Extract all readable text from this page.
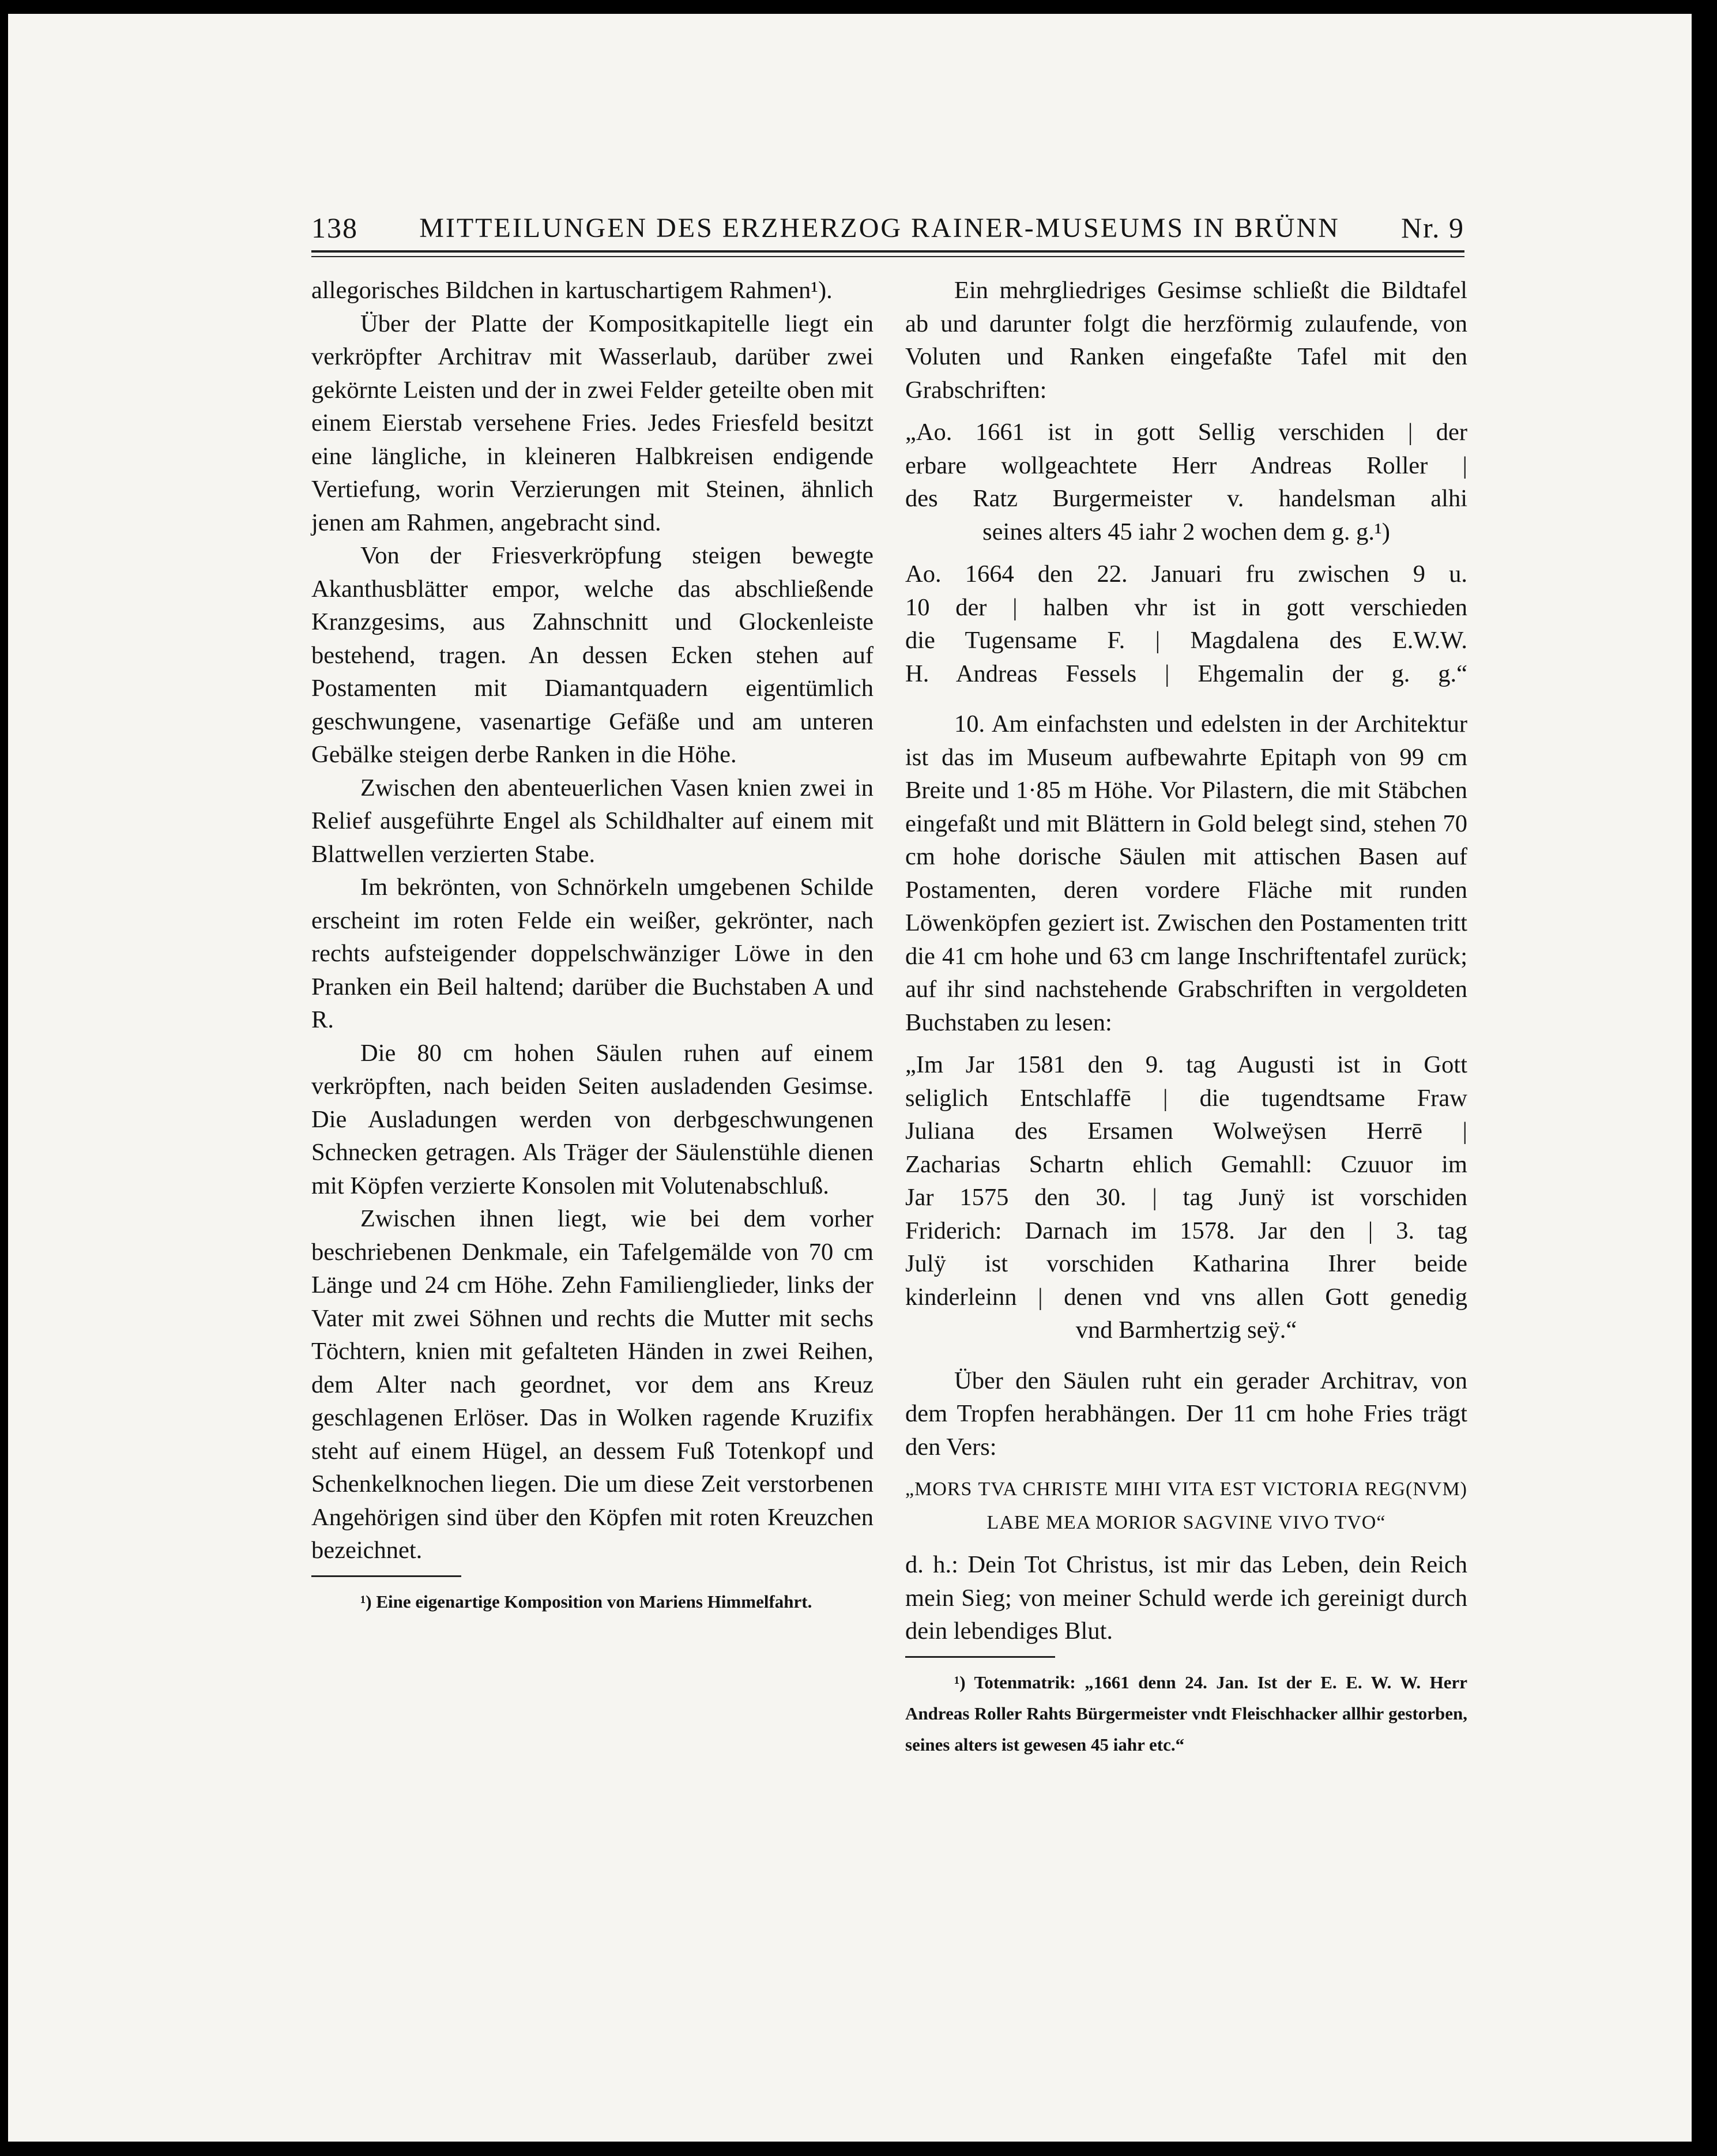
138 MITTEILUNGEN DES ERZHERZOG RAINER-MUSEUMS IN BRÜNN Nr. 9

allegorisches Bildchen in kartuschartigem Rahmen¹).

Über der Platte der Kompositkapitelle liegt ein verkröpfter Architrav mit Wasserlaub, darüber zwei gekörnte Leisten und der in zwei Felder geteilte oben mit einem Eierstab versehene Fries. Jedes Friesfeld besitzt eine längliche, in kleineren Halbkreisen endigende Vertiefung, worin Verzierungen mit Steinen, ähnlich jenen am Rahmen, angebracht sind.

Von der Friesverkröpfung steigen bewegte Akanthusblätter empor, welche das abschließende Kranzgesims, aus Zahnschnitt und Glockenleiste bestehend, tragen. An dessen Ecken stehen auf Postamenten mit Diamantquadern eigentümlich geschwungene, vasenartige Gefäße und am unteren Gebälke steigen derbe Ranken in die Höhe.

Zwischen den abenteuerlichen Vasen knien zwei in Relief ausgeführte Engel als Schildhalter auf einem mit Blattwellen verzierten Stabe.

Im bekrönten, von Schnörkeln umgebenen Schilde erscheint im roten Felde ein weißer, gekrönter, nach rechts aufsteigender doppelschwänziger Löwe in den Pranken ein Beil haltend; darüber die Buchstaben A und R.

Die 80 cm hohen Säulen ruhen auf einem verkröpften, nach beiden Seiten ausladenden Gesimse. Die Ausladungen werden von derbgeschwungenen Schnecken getragen. Als Träger der Säulenstühle dienen mit Köpfen verzierte Konsolen mit Volutenabschluß.

Zwischen ihnen liegt, wie bei dem vorher beschriebenen Denkmale, ein Tafelgemälde von 70 cm Länge und 24 cm Höhe. Zehn Familienglieder, links der Vater mit zwei Söhnen und rechts die Mutter mit sechs Töchtern, knien mit gefalteten Händen in zwei Reihen, dem Alter nach geordnet, vor dem ans Kreuz geschlagenen Erlöser. Das in Wolken ragende Kruzifix steht auf einem Hügel, an dessem Fuß Totenkopf und Schenkelknochen liegen. Die um diese Zeit verstorbenen Angehörigen sind über den Köpfen mit roten Kreuzchen bezeichnet.

¹) Eine eigenartige Komposition von Mariens Himmelfahrt.

Ein mehrgliedriges Gesimse schließt die Bildtafel ab und darunter folgt die herzförmig zulaufende, von Voluten und Ranken eingefaßte Tafel mit den Grabschriften:

„Ao. 1661 ist in gott Sellig verschiden | der
erbare wollgeachtete Herr Andreas Roller |
des Ratz Burgermeister v. handelsman alhi
seines alters 45 iahr 2 wochen dem g. g.¹)
Ao. 1664 den 22. Januari fru zwischen 9 u.
10 der | halben vhr ist in gott verschieden
die Tugensame F. | Magdalena des E.W.W.
H. Andreas Fessels | Ehgemalin der g. g.“

10. Am einfachsten und edelsten in der Architektur ist das im Museum aufbewahrte Epitaph von 99 cm Breite und 1·85 m Höhe. Vor Pilastern, die mit Stäbchen eingefaßt und mit Blättern in Gold belegt sind, stehen 70 cm hohe dorische Säulen mit attischen Basen auf Postamenten, deren vordere Fläche mit runden Löwenköpfen geziert ist. Zwischen den Postamenten tritt die 41 cm hohe und 63 cm lange Inschriftentafel zurück; auf ihr sind nachstehende Grabschriften in vergoldeten Buchstaben zu lesen:

„Im Jar 1581 den 9. tag Augusti ist in Gott
seliglich Entschlaffē | die tugendtsame Fraw
Juliana des Ersamen Wolweÿsen Herrē |
Zacharias Schartn ehlich Gemahll: Czuuor im
Jar 1575 den 30. | tag Junÿ ist vorschiden
Friderich: Darnach im 1578. Jar den | 3. tag
Julÿ ist vorschiden Katharina Ihrer beide
kinderleinn | denen vnd vns allen Gott genedig
vnd Barmhertzig seÿ.“

Über den Säulen ruht ein gerader Architrav, von dem Tropfen herabhängen. Der 11 cm hohe Fries trägt den Vers:

„MORS TVA CHRISTE MIHI VITA EST VICTORIA REG(NVM)
LABE MEA MORIOR SAGVINE VIVO TVO“

d. h.: Dein Tot Christus, ist mir das Leben, dein Reich mein Sieg; von meiner Schuld werde ich gereinigt durch dein lebendiges Blut.

¹) Totenmatrik: „1661 denn 24. Jan. Ist der E. E. W. W. Herr Andreas Roller Rahts Bürgermeister vndt Fleischhacker allhir gestorben, seines alters ist gewesen 45 iahr etc.“
